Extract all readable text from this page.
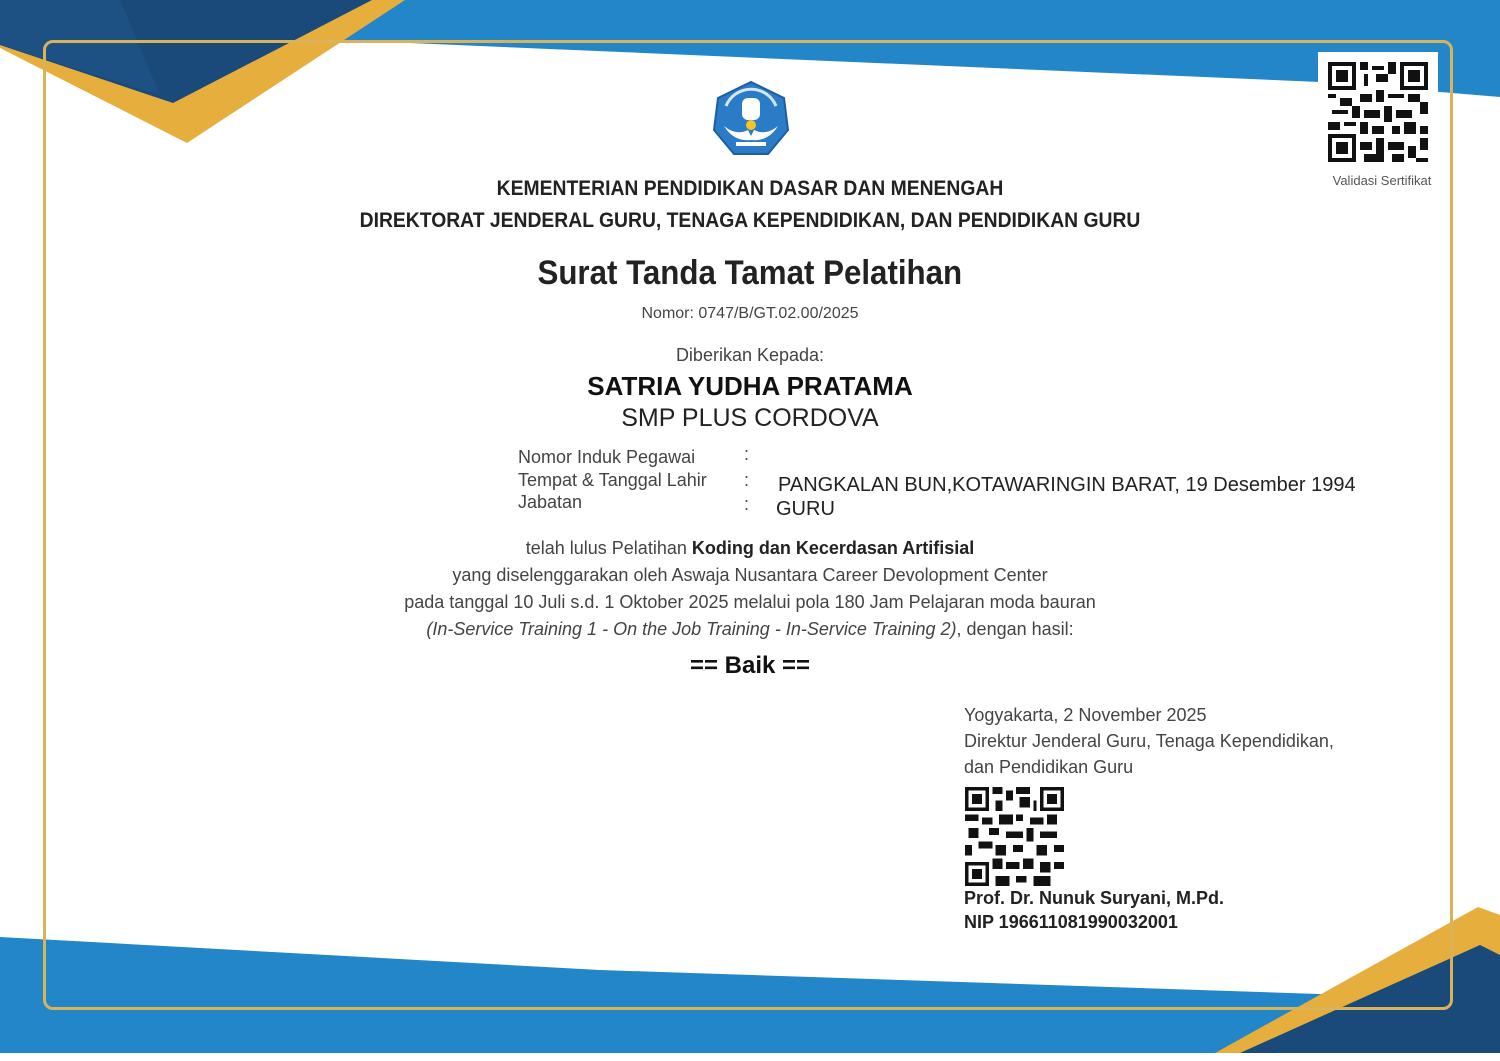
KEMENTERIAN PENDIDIKAN DASAR DAN MENENGAH
DIREKTORAT JENDERAL GURU, TENAGA KEPENDIDIKAN, DAN PENDIDIKAN GURU
Surat Tanda Tamat Pelatihan
Nomor: 0747/B/GT.02.00/2025
Validasi Sertifikat
Diberikan Kepada:
SATRIA YUDHA PRATAMA
SMP PLUS CORDOVA
Nomor Induk Pegawai	:
Tempat & Tanggal Lahir : PANGKALAN BUN,KOTAWARINGIN BARAT, 19 Desember 1994
Jabatan	: GURU
telah lulus Pelatihan Koding dan Kecerdasan Artifisial
yang diselenggarakan oleh Aswaja Nusantara Career Devolopment Center
pada tanggal 10 Juli s.d. 1 Oktober 2025 melalui pola 180 Jam Pelajaran moda bauran
(In-Service Training 1 - On the Job Training - In-Service Training 2), dengan hasil:
== Baik ==
Yogyakarta, 2 November 2025
Direktur Jenderal Guru, Tenaga Kependidikan,
dan Pendidikan Guru
Prof. Dr. Nunuk Suryani, M.Pd.
NIP 196611081990032001
